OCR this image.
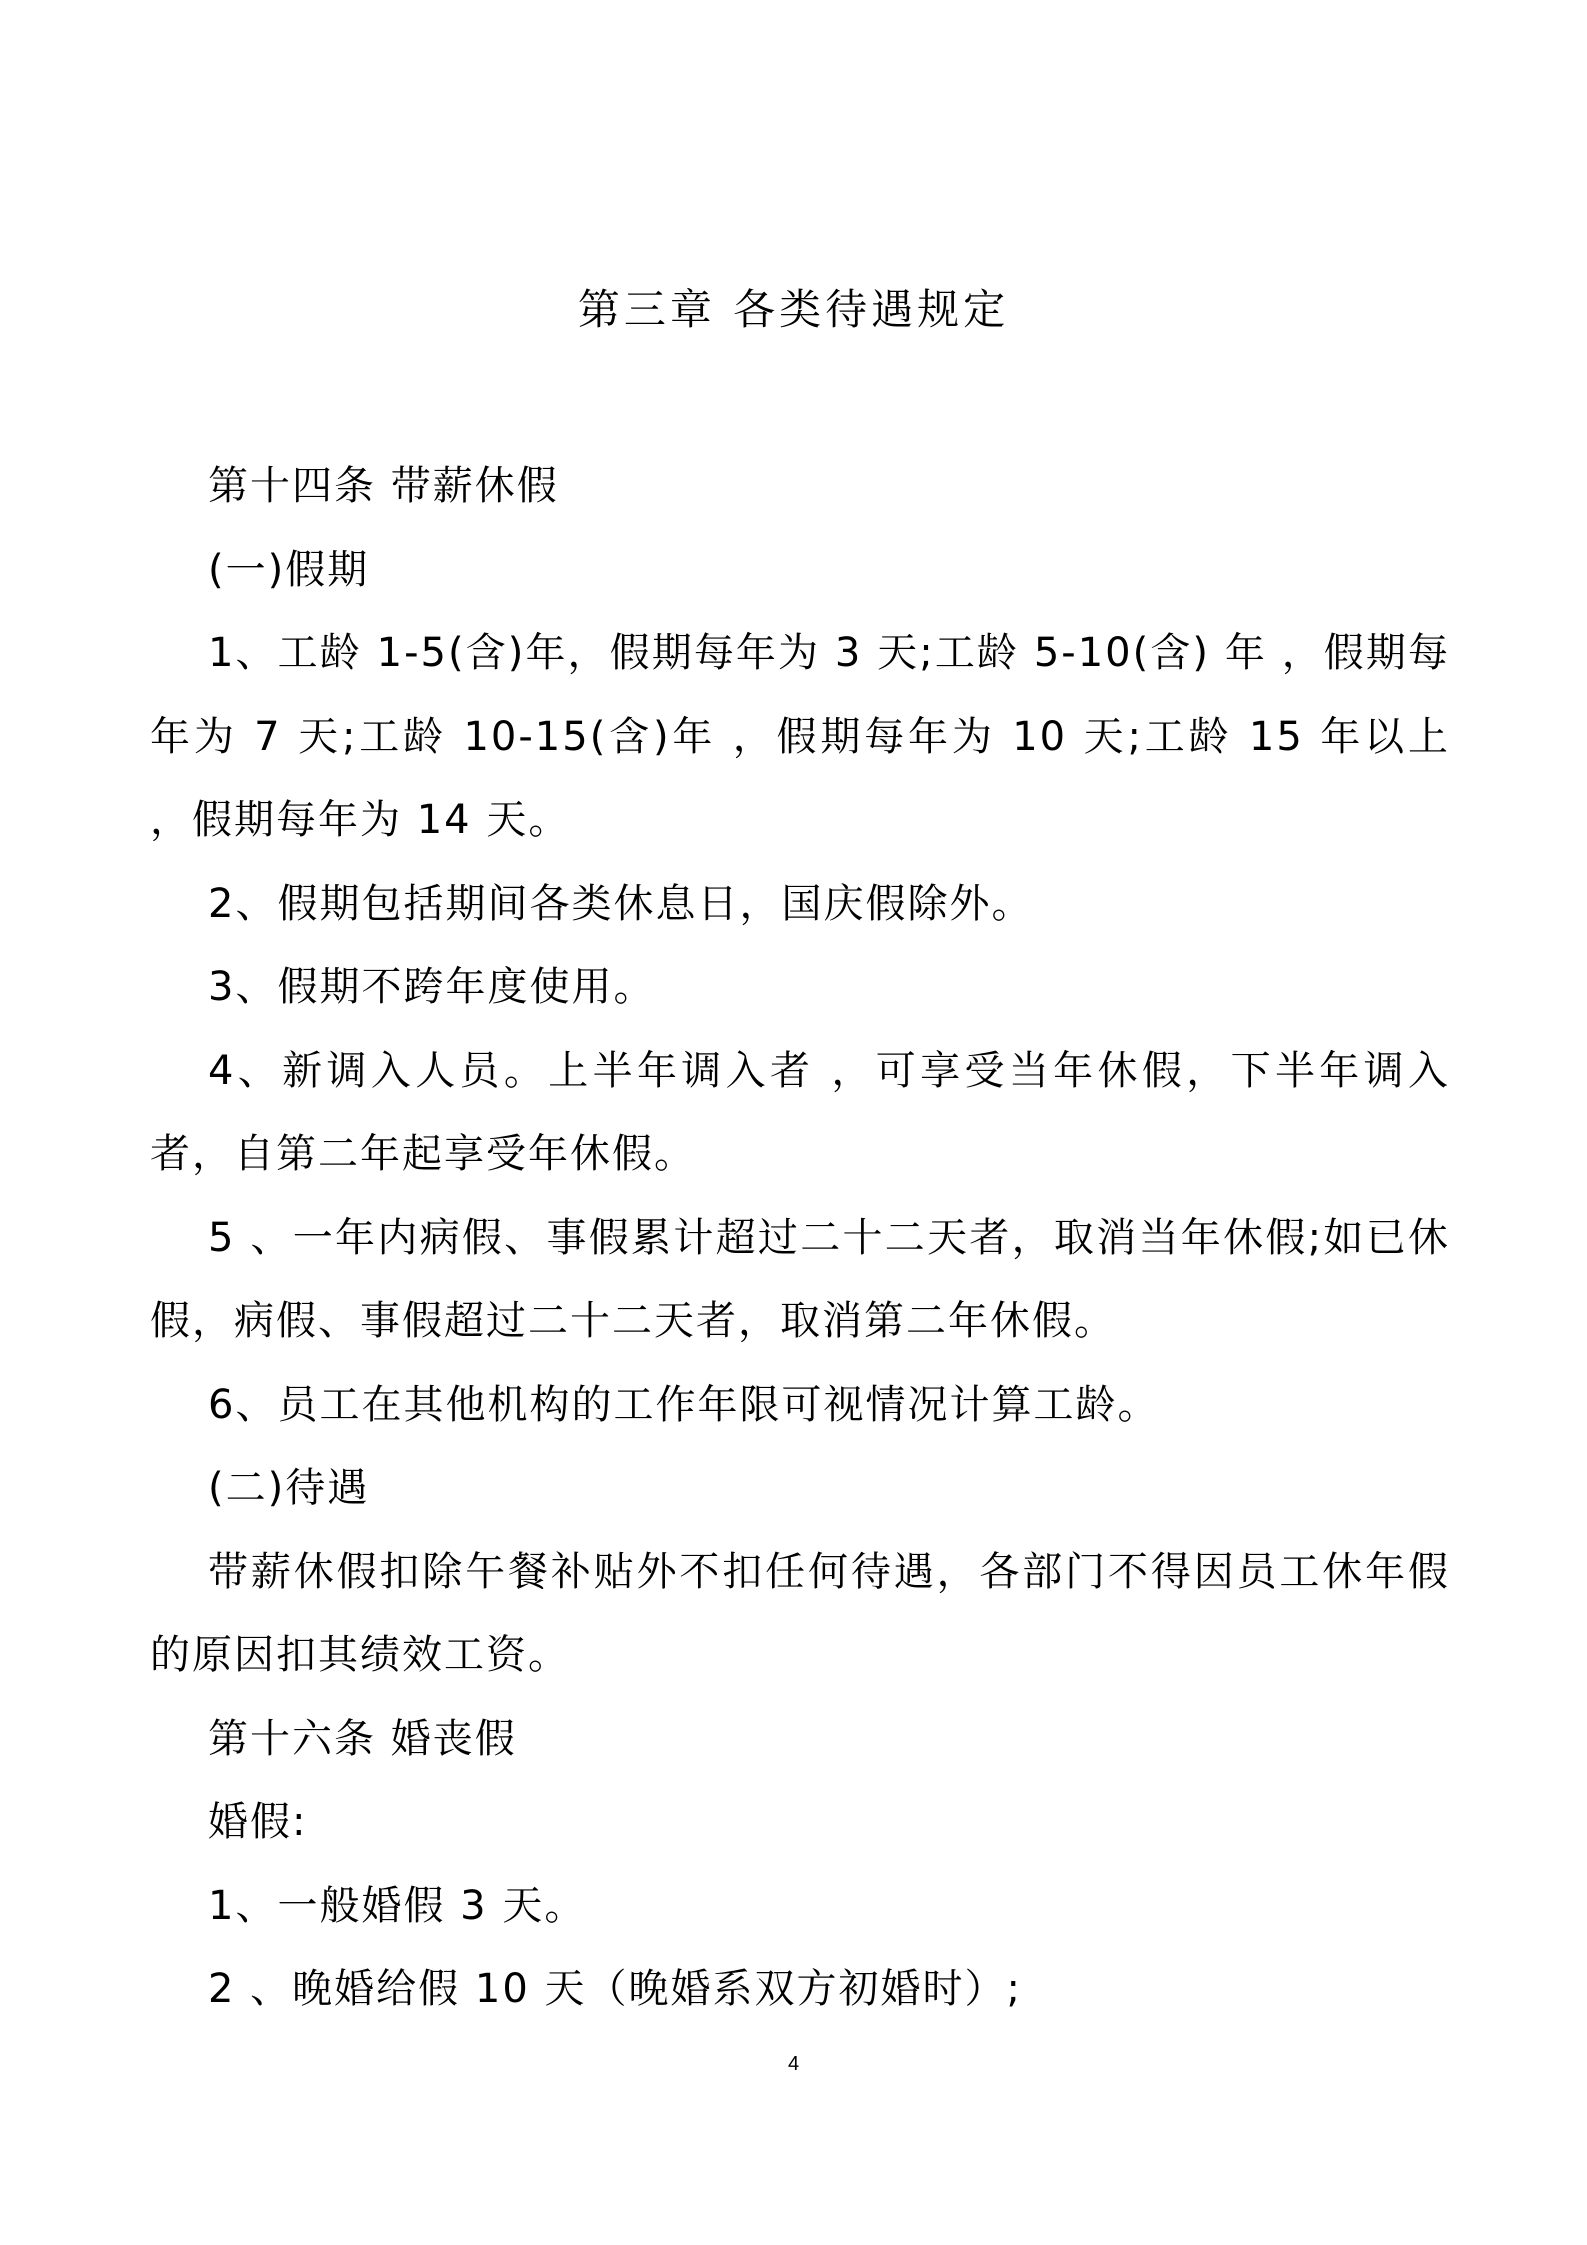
第三章 各类待遇规定

第十四条 带薪休假

(一)假期

1、工龄 1-5(含)年，假期每年为 3 天;工龄 5-10(含) 年 ，假期每年为 7 天;工龄 10-15(含)年 ，假期每年为 10 天;工龄 15 年以上 ，假期每年为 14 天。

2、假期包括期间各类休息日，国庆假除外。

3、假期不跨年度使用。

4、新调入人员。上半年调入者 ，可享受当年休假，下半年调入者，自第二年起享受年休假。

5 、一年内病假、事假累计超过二十二天者，取消当年休假;如已休假，病假、事假超过二十二天者，取消第二年休假。

6、员工在其他机构的工作年限可视情况计算工龄。

(二)待遇

带薪休假扣除午餐补贴外不扣任何待遇，各部门不得因员工休年假的原因扣其绩效工资。

第十六条 婚丧假

婚假:

1、一般婚假 3 天。

2 、晚婚给假 10 天（晚婚系双方初婚时）;

4
